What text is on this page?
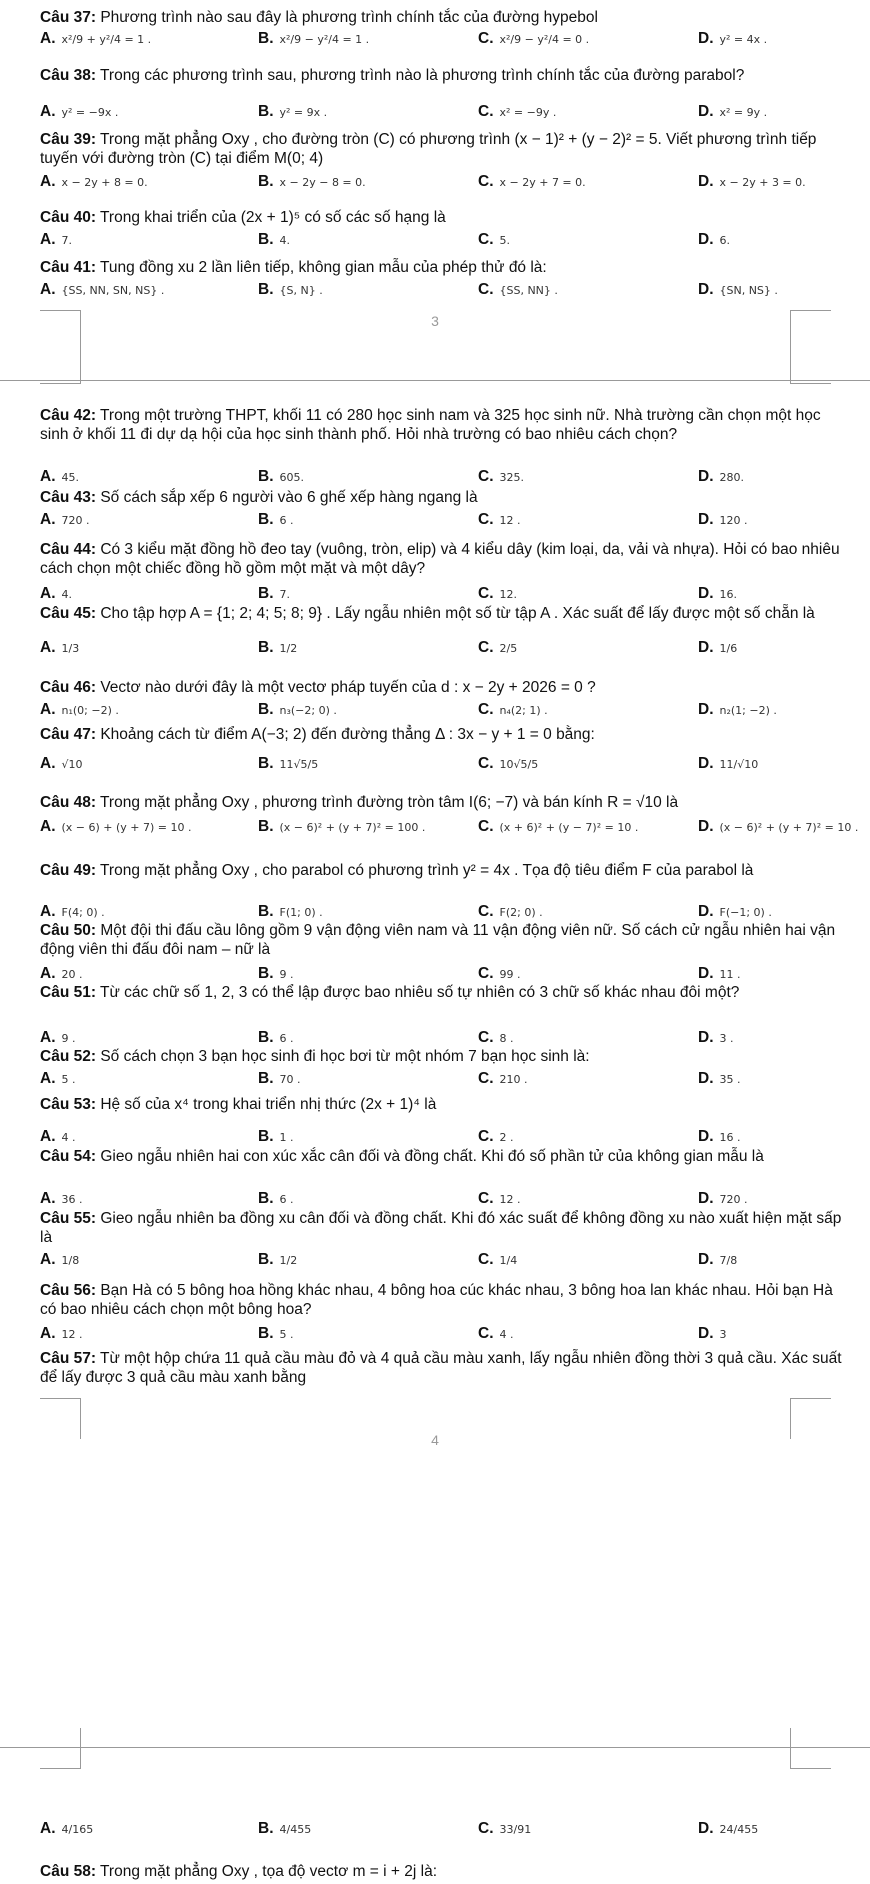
Câu 37: Phương trình nào sau đây là phương trình chính tắc của đường hypebol
A. x²/9 + y²/4 = 1 .	B. x²/9 − y²/4 = 1 .	C. x²/9 − y²/4 = 0 .	D. y² = 4x .
Câu 38: Trong các phương trình sau, phương trình nào là phương trình chính tắc của đường parabol?
A. y² = −9x .	B. y² = 9x .	C. x² = −9y .	D. x² = 9y .
Câu 39: Trong mặt phẳng Oxy , cho đường tròn (C) có phương trình (x − 1)² + (y − 2)² = 5. Viết phương trình tiếp tuyến với đường tròn (C) tại điểm M(0; 4)
A. x − 2y + 8 = 0.	B. x − 2y − 8 = 0.	C. x − 2y + 7 = 0.	D. x − 2y + 3 = 0.
Câu 40: Trong khai triển của (2x + 1)⁵ có số các số hạng là
A. 7.	B. 4.	C. 5.	D. 6.
Câu 41: Tung đồng xu 2 lần liên tiếp, không gian mẫu của phép thử đó là:
A. {SS, NN, SN, NS} .	B. {S, N} .	C. {SS, NN} .	D. {SN, NS} .
3
Câu 42: Trong một trường THPT, khối 11 có 280 học sinh nam và 325 học sinh nữ. Nhà trường cần chọn một học sinh ở khối 11 đi dự dạ hội của học sinh thành phố. Hỏi nhà trường có bao nhiêu cách chọn?
A. 45.	B. 605.	C. 325.	D. 280.
Câu 43: Số cách sắp xếp 6 người vào 6 ghế xếp hàng ngang là
A. 720 .	B. 6 .	C. 12 .	D. 120 .
Câu 44: Có 3 kiểu mặt đồng hồ đeo tay (vuông, tròn, elip) và 4 kiểu dây (kim loại, da, vải và nhựa). Hỏi có bao nhiêu cách chọn một chiếc đồng hồ gồm một mặt và một dây?
A. 4.	B. 7.	C. 12.	D. 16.
Câu 45: Cho tập hợp A = {1; 2; 4; 5; 8; 9} . Lấy ngẫu nhiên một số từ tập A . Xác suất để lấy được một số chẵn là
A. 1/3	B. 1/2	C. 2/5	D. 1/6
Câu 46: Vectơ nào dưới đây là một vectơ pháp tuyến của d : x − 2y + 2026 = 0 ?
A. n₁(0; −2) .	B. n₃(−2; 0) .	C. n₄(2; 1) .	D. n₂(1; −2) .
Câu 47: Khoảng cách từ điểm A(−3; 2) đến đường thẳng Δ : 3x − y + 1 = 0 bằng:
A. √10	B. 11√5/5	C. 10√5/5	D. 11/√10
Câu 48: Trong mặt phẳng Oxy , phương trình đường tròn tâm I(6; −7) và bán kính R = √10 là
A. (x − 6) + (y + 7) = 10 .	B. (x − 6)² + (y + 7)² = 100 .	C. (x + 6)² + (y − 7)² = 10 .	D. (x − 6)² + (y + 7)² = 10 .
Câu 49: Trong mặt phẳng Oxy , cho parabol có phương trình y² = 4x . Tọa độ tiêu điểm F của parabol là
A. F(4; 0) .	B. F(1; 0) .	C. F(2; 0) .	D. F(−1; 0) .
Câu 50: Một đội thi đấu cầu lông gồm 9 vận động viên nam và 11 vận động viên nữ. Số cách cử ngẫu nhiên hai vận động viên thi đấu đôi nam – nữ là
A. 20 .	B. 9 .	C. 99 .	D. 11 .
Câu 51: Từ các chữ số 1, 2, 3 có thể lập được bao nhiêu số tự nhiên có 3 chữ số khác nhau đôi một?
A. 9 .	B. 6 .	C. 8 .	D. 3 .
Câu 52: Số cách chọn 3 bạn học sinh đi học bơi từ một nhóm 7 bạn học sinh là:
A. 5 .	B. 70 .	C. 210 .	D. 35 .
Câu 53: Hệ số của x⁴ trong khai triển nhị thức (2x + 1)⁴ là
A. 4 .	B. 1 .	C. 2 .	D. 16 .
Câu 54: Gieo ngẫu nhiên hai con xúc xắc cân đối và đồng chất. Khi đó số phần tử của không gian mẫu là
A. 36 .	B. 6 .	C. 12 .	D. 720 .
Câu 55: Gieo ngẫu nhiên ba đồng xu cân đối và đồng chất. Khi đó xác suất để không đồng xu nào xuất hiện mặt sấp là
A. 1/8	B. 1/2	C. 1/4	D. 7/8
Câu 56: Bạn Hà có 5 bông hoa hồng khác nhau, 4 bông hoa cúc khác nhau, 3 bông hoa lan khác nhau. Hỏi bạn Hà có bao nhiêu cách chọn một bông hoa?
A. 12 .	B. 5 .	C. 4 .	D. 3
Câu 57: Từ một hộp chứa 11 quả cầu màu đỏ và 4 quả cầu màu xanh, lấy ngẫu nhiên đồng thời 3 quả cầu. Xác suất để lấy được 3 quả cầu màu xanh bằng
4
A. 4/165	B. 4/455	C. 33/91	D. 24/455
Câu 58: Trong mặt phẳng Oxy , tọa độ vectơ m = i + 2j là:
